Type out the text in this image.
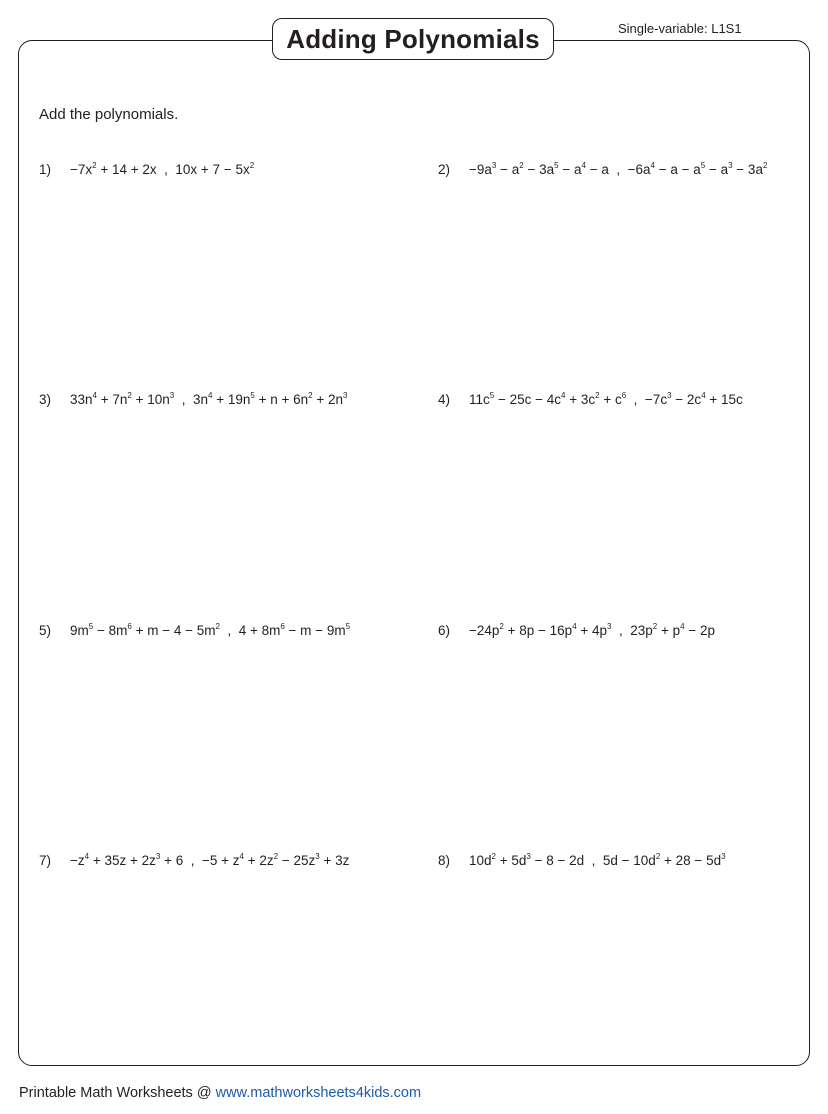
Adding Polynomials	Single-variable: L1S1
Add the polynomials.
$1) -7x^2 + 14 + 2x$  ,  $10x + 7 - 5x^2$	$2) -9a^3 - a^2 - 3a^5 - a^4 - a$  ,  $-6a^4 - a - a^5 - a^3 - 3a^2$
3) $33n^4 + 7n^2 + 10n^3$  ,  $3n^4 + 19n^5 + n + 6n^2 + 2n^3$	4) $11c^5 - 25c - 4c^4 + 3c^2 + c^6$  ,  $-7c^3 - 2c^4 + 15c$
5) $9m^5 - 8m^6 + m - 4 - 5m^2$  ,  $4 + 8m^6 - m - 9m^5$	$6) -24p^2 + 8p - 16p^4 + 4p^3$  ,  $23p^2 + p^4 - 2p$
$7) -z^4 + 35z + 2z^3 + 6$  ,  $-5 + z^4 + 2z^2 - 25z^3 + 3z$	8) $10d^2 + 5d^3 - 8 - 2d$  ,  $5d - 10d^2 + 28 - 5d^3$
Printable Math Worksheets @ www.mathworksheets4kids.com
